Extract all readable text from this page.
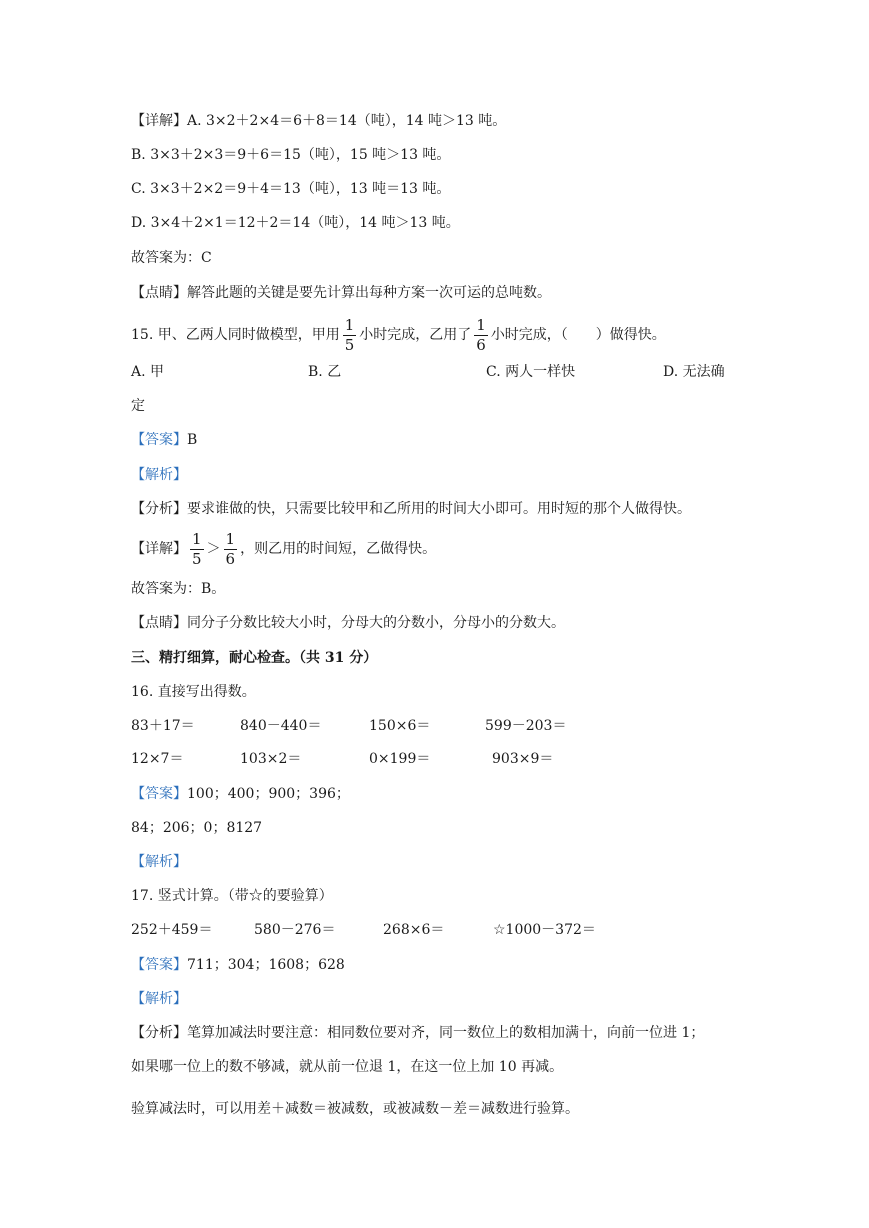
【详解】A. 3×2＋2×4＝6＋8＝14（吨），14 吨＞13 吨。
B. 3×3＋2×3＝9＋6＝15（吨），15 吨＞13 吨。
C. 3×3＋2×2＝9＋4＝13（吨），13 吨＝13 吨。
D. 3×4＋2×1＝12＋2＝14（吨），14 吨＞13 吨。
故答案为：C
【点睛】解答此题的关键是要先计算出每种方案一次可运的总吨数。
15. 甲、乙两人同时做模型，甲用 $\frac{1}{5}$ 小时完成，乙用了 $\frac{1}{6}$ 小时完成，（　　）做得快。
A. 甲	B. 乙	C. 两人一样快	D. 无法确
定
【答案】B
【解析】
【分析】要求谁做的快，只需要比较甲和乙所用的时间大小即可。用时短的那个人做得快。
【详解】 $\frac{1}{5} > \frac{1}{6}$ ，则乙用的时间短，乙做得快。
故答案为：B。
【点睛】同分子分数比较大小时，分母大的分数小，分母小的分数大。
三、精打细算，耐心检查。（共 31 分）
16. 直接写出得数。
83＋17＝	840－440＝	150×6＝	599－203＝
12×7＝	103×2＝	0×199＝	903×9＝
【答案】100；400；900；396；
84；206；0；8127
【解析】
17. 竖式计算。（带☆的要验算）
252＋459＝	580－276＝	268×6＝	☆1000－372＝
【答案】711；304；1608；628
【解析】
【分析】笔算加减法时要注意：相同数位要对齐，同一数位上的数相加满十，向前一位进 1；
如果哪一位上的数不够减，就从前一位退 1，在这一位上加 10 再减。
验算减法时，可以用差＋减数＝被减数，或被减数－差＝减数进行验算。
